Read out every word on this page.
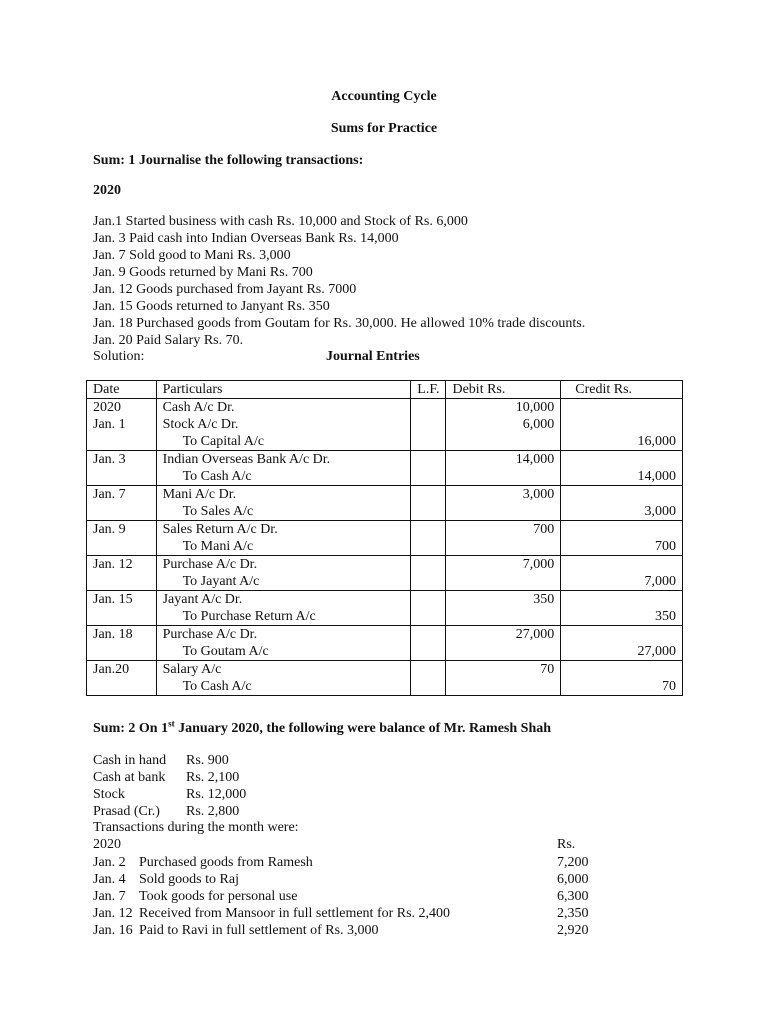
Accounting Cycle
Sums for Practice
Sum: 1 Journalise the following transactions:
2020
Jan.1 Started business with cash Rs. 10,000 and Stock of Rs. 6,000
Jan. 3 Paid cash into Indian Overseas Bank Rs. 14,000
Jan. 7 Sold good to Mani Rs. 3,000
Jan. 9 Goods returned by Mani Rs. 700
Jan. 12 Goods purchased from Jayant Rs. 7000
Jan. 15 Goods returned to Janyant Rs. 350
Jan. 18 Purchased goods from Goutam for Rs. 30,000. He allowed 10% trade discounts.
Jan. 20 Paid Salary Rs. 70.
Solution:	Journal Entries
Date	Particulars	L.F.	Debit Rs.	Credit Rs.
2020	Cash A/c Dr.		10,000	
Jan. 1	Stock A/c Dr.		6,000	
	To Capital A/c			16,000
Jan. 3	Indian Overseas Bank A/c Dr.		14,000	
	To Cash A/c			14,000
Jan. 7	Mani A/c Dr.		3,000	
	To Sales A/c			3,000
Jan. 9	Sales Return A/c Dr.		700	
	To Mani A/c			700
Jan. 12	Purchase A/c Dr.		7,000	
	To Jayant A/c			7,000
Jan. 15	Jayant A/c Dr.		350	
	To Purchase Return A/c			350
Jan. 18	Purchase A/c Dr.		27,000	
	To Goutam A/c			27,000
Jan.20	Salary A/c		70	
	To Cash A/c			70
Sum: 2 On 1st January 2020, the following were balance of Mr. Ramesh Shah
Cash in hand Rs. 900
Cash at bank Rs. 2,100
Stock	Rs. 12,000
Prasad (Cr.) Rs. 2,800
Transactions during the month were:
2020	Rs.
Jan. 2 Purchased goods from Ramesh	7,200
Jan. 4 Sold goods to Raj	6,000
Jan. 7 Took goods for personal use	6,300
Jan. 12 Received from Mansoor in full settlement for Rs. 2,400	2,350
Jan. 16 Paid to Ravi in full settlement of Rs. 3,000	2,920
